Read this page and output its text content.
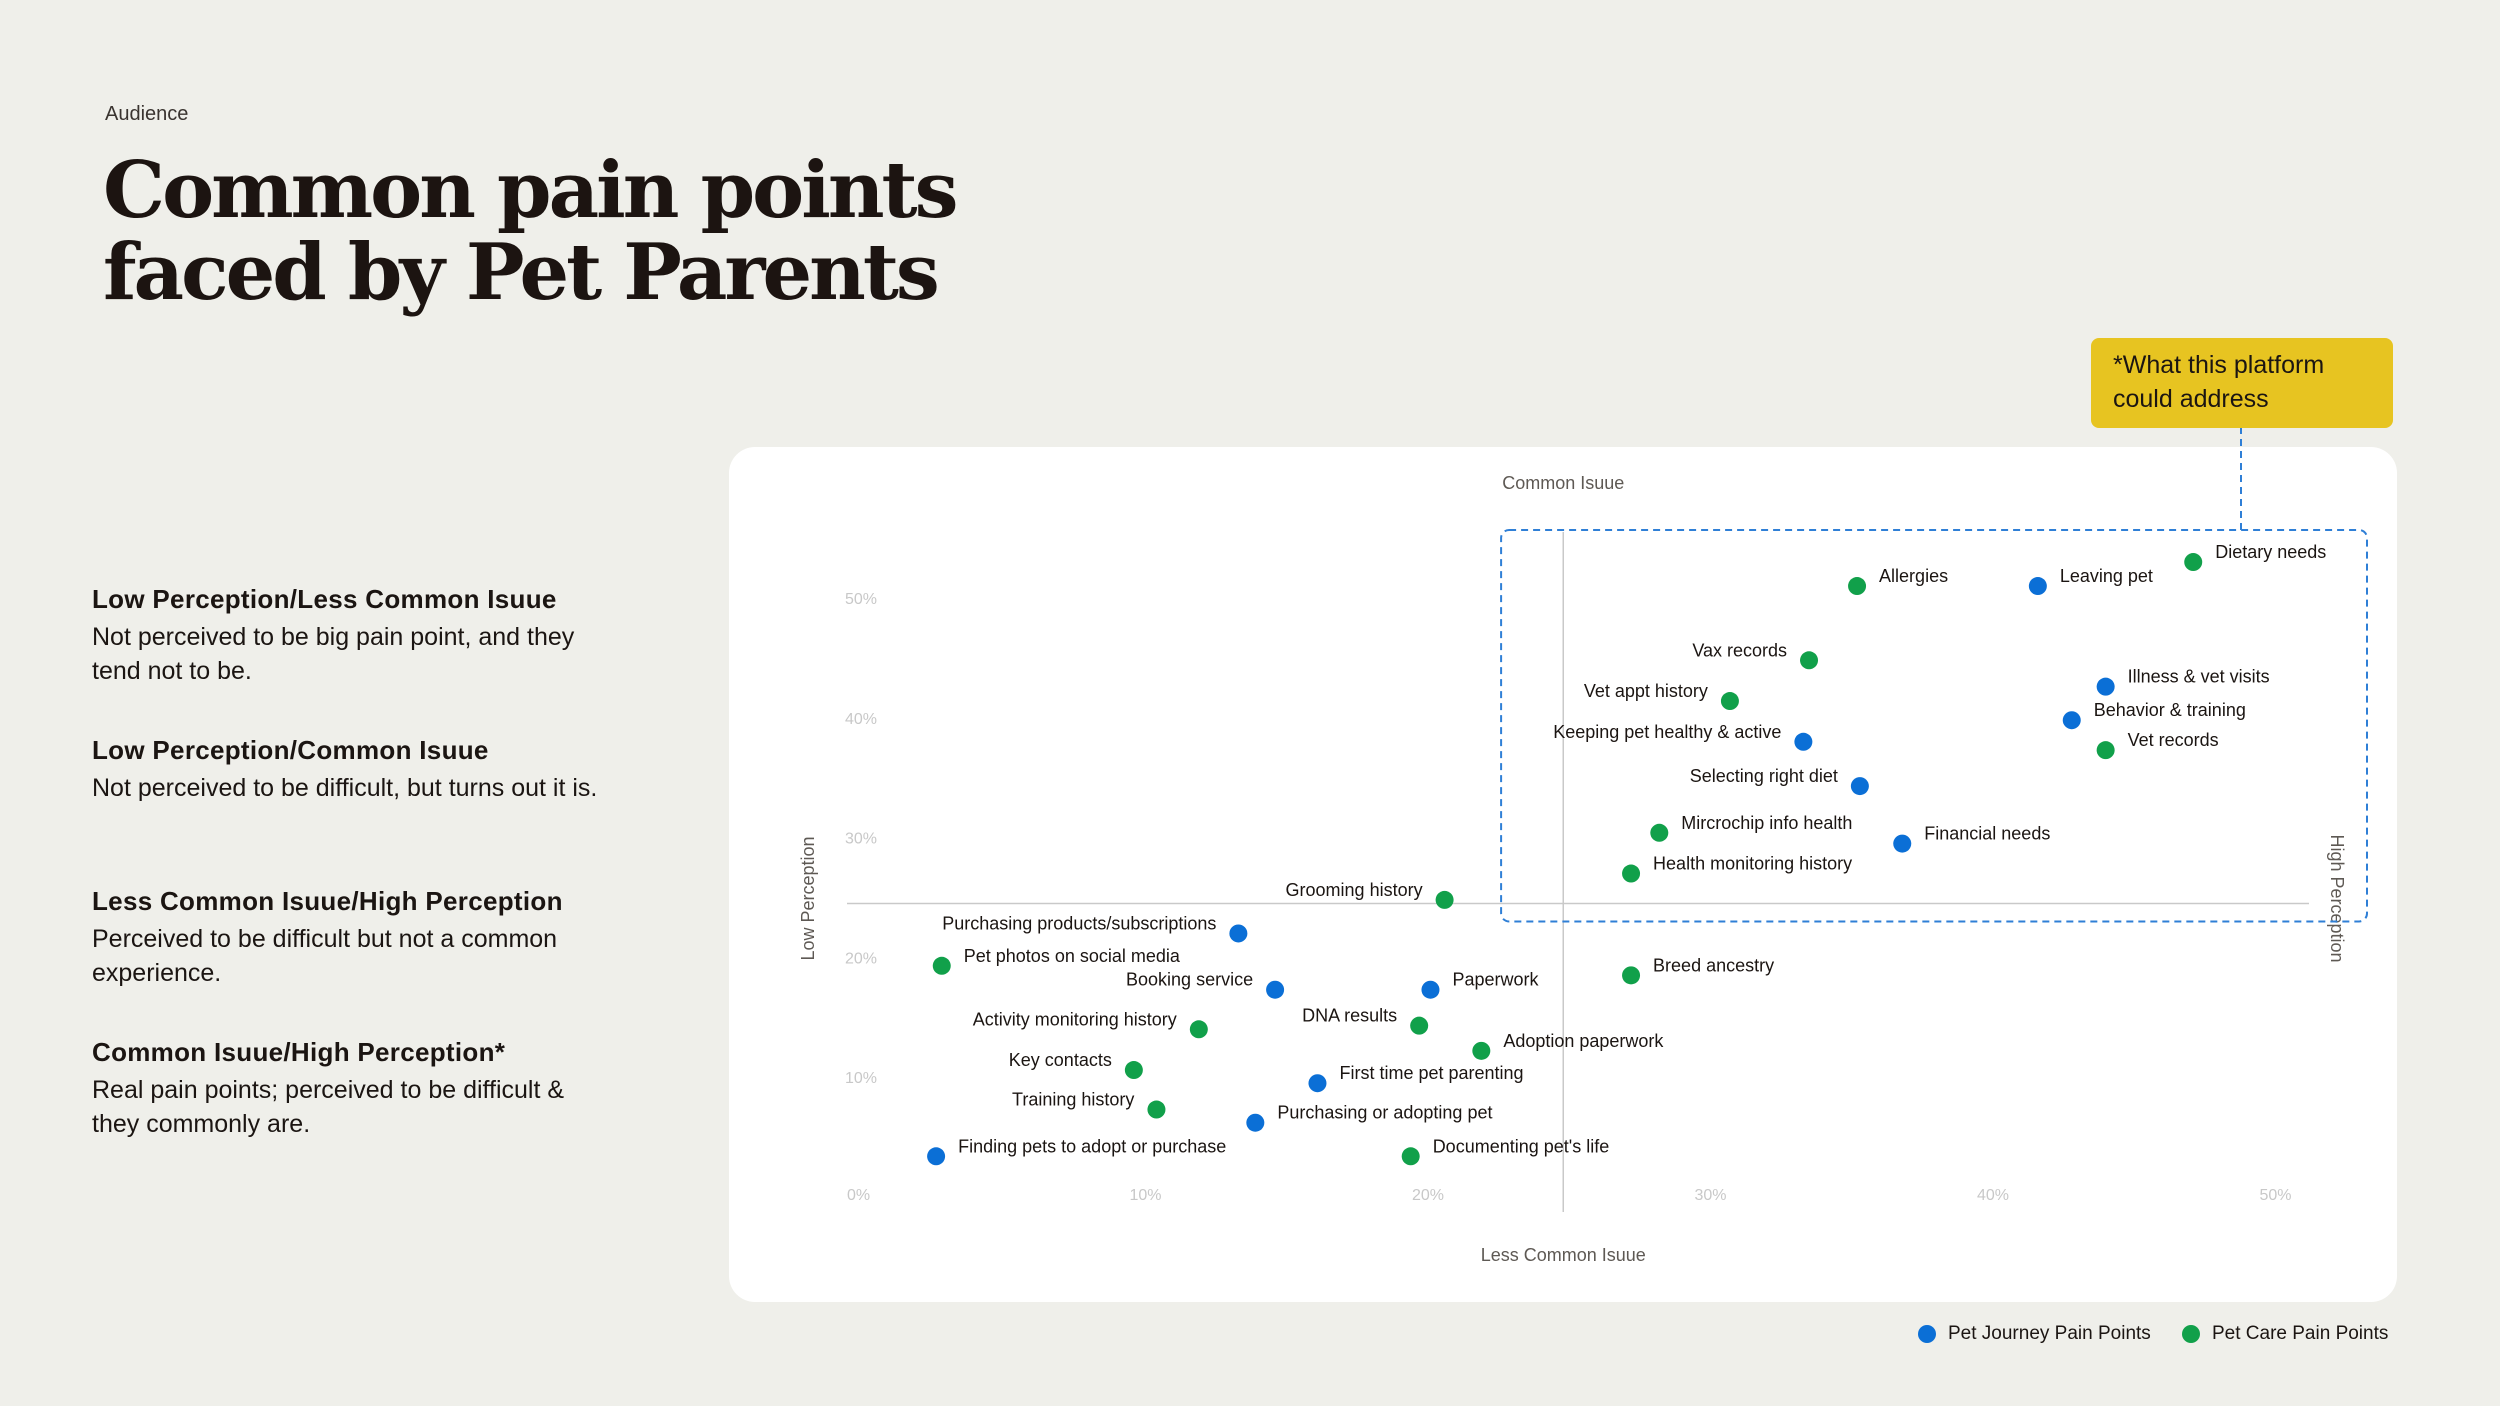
Audience
Common pain points
faced by Pet Parents
Low Perception/Less Common Isuue
Not perceived to be big pain point, and they tend not to be.
Low Perception/Common Isuue
Not perceived to be difficult, but turns out it is.
Less Common Isuue/High Perception
Perceived to be difficult but not a common experience.
Common Isuue/High Perception*
Real pain points; perceived to be difficult & they commonly are.
*What this platform could address
0%	10%	20%	30%	40%	50%
10%
20%
30%
40%
50%
Less Common Isuue
Common Isuue
Low Perception	High Perception
Leaving pet
Illness & vet visits
Behavior & training
Keeping pet healthy & active
Selecting right diet
Financial needs
Purchasing products/subscriptions
Booking service	Paperwork
First time pet parenting
Purchasing or adopting pet
Finding pets to adopt or purchase
Dietary needs
Allergies
Vax records
Vet appt history
Vet records
Mircrochip info health
Health monitoring history
Grooming history
Pet photos on social media	Breed ancestry
Activity monitoring history	DNA results
Adoption paperwork
Key contacts
Training history
Documenting pet's life
Pet Journey Pain Points	Pet Care Pain Points
